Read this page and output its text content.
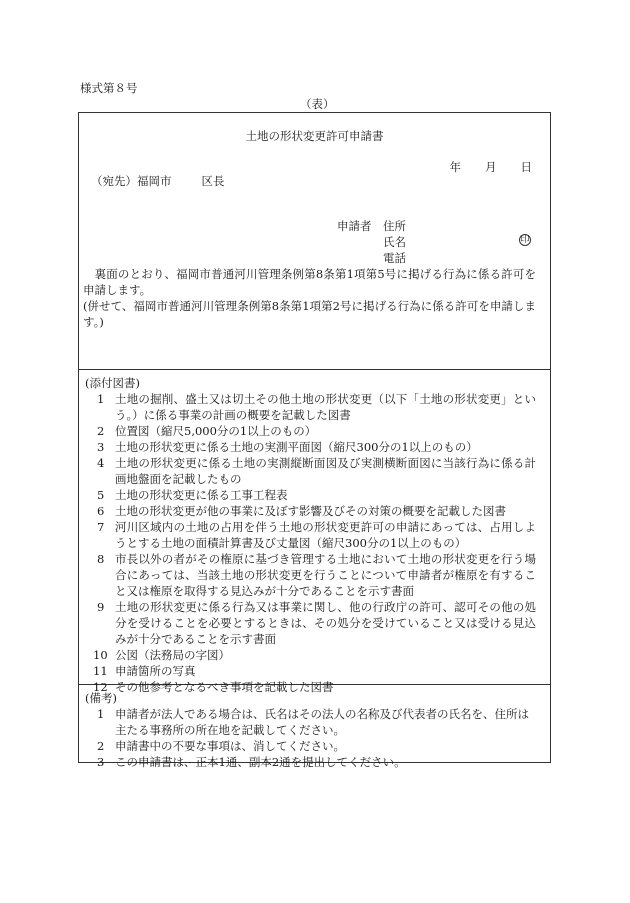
様式第８号
（表）
土地の形状変更許可申請書
年 月 日
（宛先）福岡市	区長
申請者 住所
氏名
電話
印

　裏面のとおり、福岡市普通河川管理条例第8条第1項第5号に掲げる行為に係る許可を申請します。

(併せて、福岡市普通河川管理条例第8条第1項第2号に掲げる行為に係る許可を申請します。)

(添付図書)
1 土地の掘削、盛土又は切土その他土地の形状変更（以下「土地の形状変更」という。）に係る事業の計画の概要を記載した図書
2 位置図（縮尺5,000分の1以上のもの）
3 土地の形状変更に係る土地の実測平面図（縮尺300分の1以上のもの）
4 土地の形状変更に係る土地の実測縦断面図及び実測横断面図に当該行為に係る計画地盤面を記載したもの
5 土地の形状変更に係る工事工程表
6 土地の形状変更が他の事業に及ぼす影響及びその対策の概要を記載した図書
7 河川区域内の土地の占用を伴う土地の形状変更許可の申請にあっては、占用しようとする土地の面積計算書及び丈量図（縮尺300分の1以上のもの）
8 市長以外の者がその権原に基づき管理する土地において土地の形状変更を行う場合にあっては、当該土地の形状変更を行うことについて申請者が権原を有すること又は権原を取得する見込みが十分であることを示す書面
9 土地の形状変更に係る行為又は事業に関し、他の行政庁の許可、認可その他の処分を受けることを必要とするときは、その処分を受けていること又は受ける見込みが十分であることを示す書面
10 公図（法務局の字図）
11 申請箇所の写真
12 その他参考となるべき事項を記載した図書
(備考)
1 申請者が法人である場合は、氏名はその法人の名称及び代表者の氏名を、住所は主たる事務所の所在地を記載してください。
2 申請書中の不要な事項は、消してください。
3 この申請書は、正本1通、副本2通を提出してください。
